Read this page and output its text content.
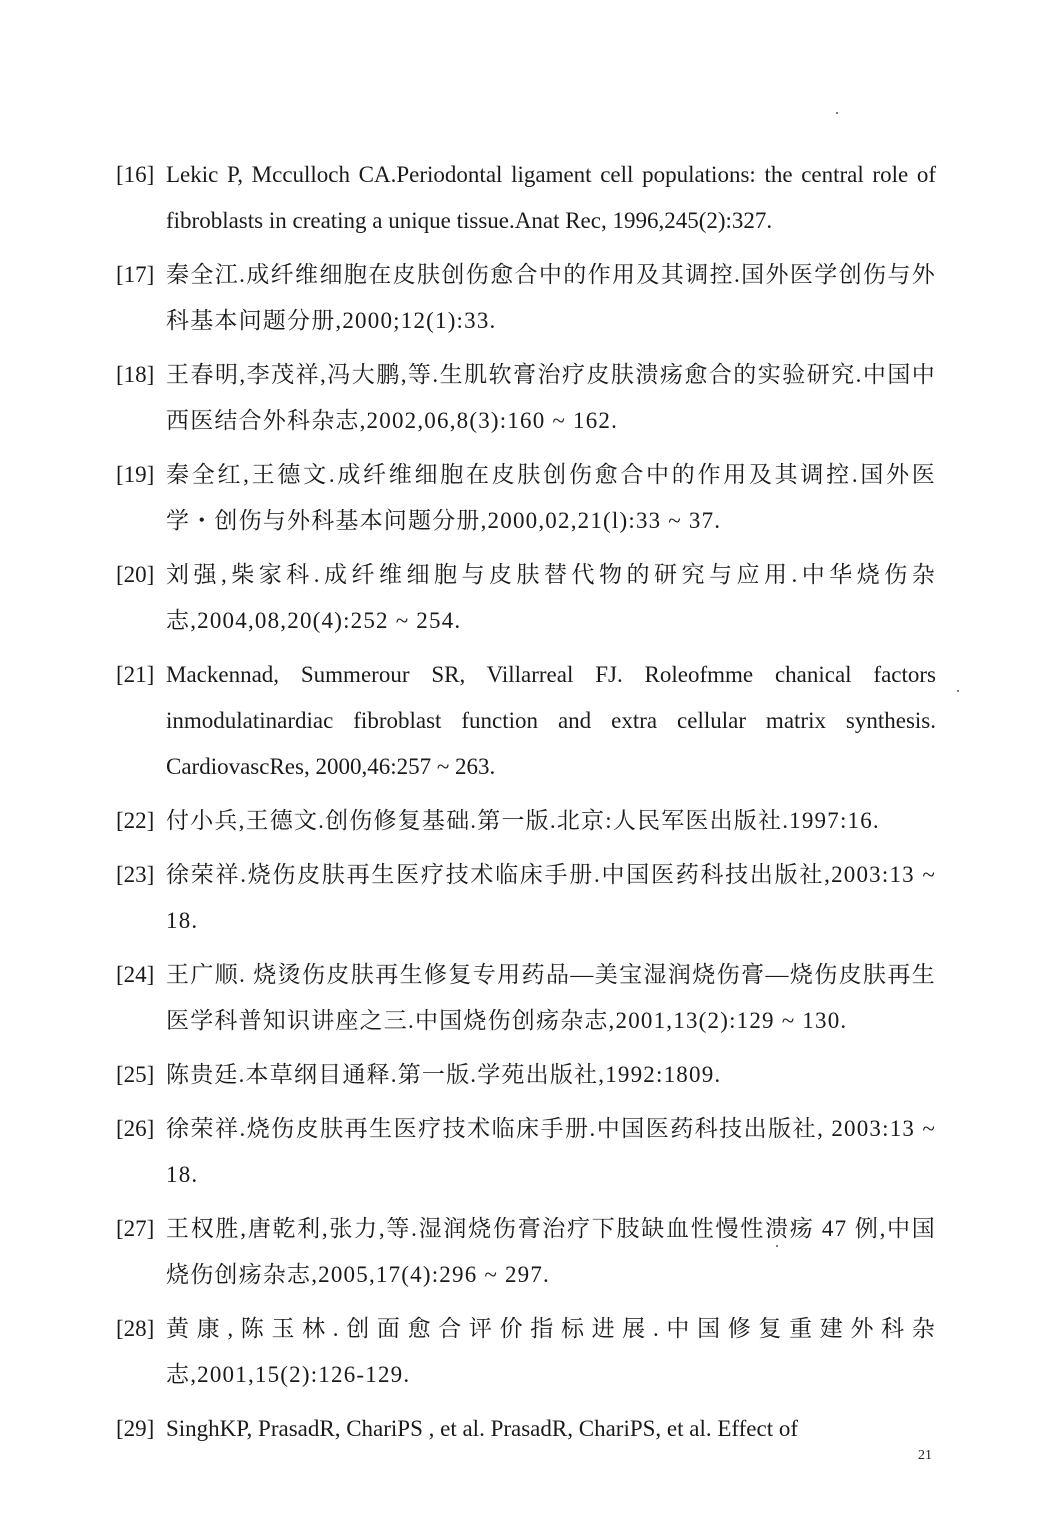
[16] Lekic P, Mcculloch CA.Periodontal ligament cell populations: the central role of fibroblasts in creating a unique tissue.Anat Rec, 1996,245(2):327.
[17] 秦全江.成纤维细胞在皮肤创伤愈合中的作用及其调控.国外医学创伤与外科基本问题分册,2000;12(1):33.
[18] 王春明,李茂祥,冯大鹏,等.生肌软膏治疗皮肤溃疡愈合的实验研究.中国中西医结合外科杂志,2002,06,8(3):160 ~ 162.
[19] 秦全红,王德文.成纤维细胞在皮肤创伤愈合中的作用及其调控.国外医学・创伤与外科基本问题分册,2000,02,21(l):33 ~ 37.
[20] 刘强,柴家科.成纤维细胞与皮肤替代物的研究与应用.中华烧伤杂志,2004,08,20(4):252 ~ 254.
[21] Mackennad, Summerour SR, Villarreal FJ. Roleofmme chanical factors inmodulatinardiac fibroblast function and extra cellular matrix synthesis. CardiovascRes, 2000,46:257 ~ 263.
[22] 付小兵,王德文.创伤修复基础.第一版.北京:人民军医出版社.1997:16.
[23] 徐荣祥.烧伤皮肤再生医疗技术临床手册.中国医药科技出版社,2003:13 ~ 18.
[24] 王广顺. 烧烫伤皮肤再生修复专用药品—美宝湿润烧伤膏—烧伤皮肤再生医学科普知识讲座之三.中国烧伤创疡杂志,2001,13(2):129 ~ 130.
[25] 陈贵廷.本草纲目通释.第一版.学苑出版社,1992:1809.
[26] 徐荣祥.烧伤皮肤再生医疗技术临床手册.中国医药科技出版社, 2003:13 ~ 18.
[27] 王权胜,唐乾利,张力,等.湿润烧伤膏治疗下肢缺血性慢性溃疡 47 例,中国烧伤创疡杂志,2005,17(4):296 ~ 297.
[28] 黄康,陈玉林.创面愈合评价指标进展.中国修复重建外科杂志,2001,15(2):126-129.
[29] SinghKP, PrasadR, ChariPS , et al. PrasadR, ChariPS, et al. Effect of
21
